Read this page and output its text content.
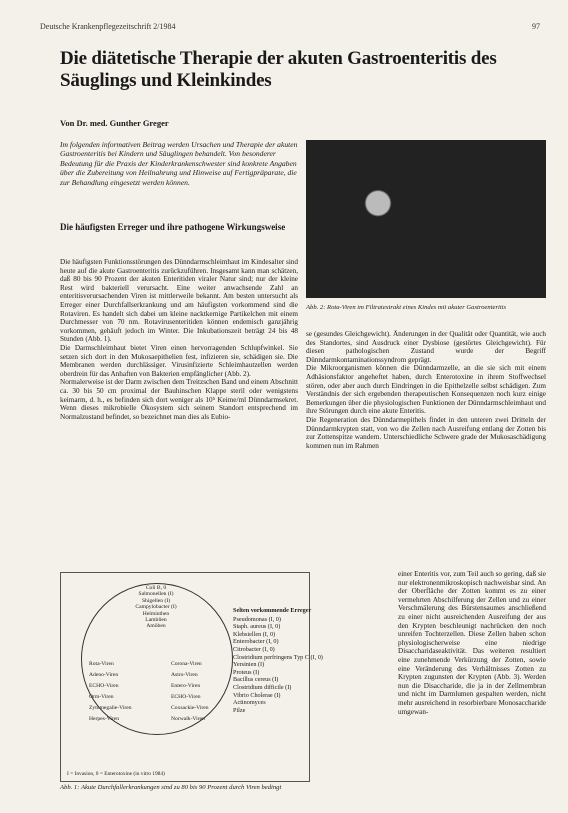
Deutsche Krankenpflegezeitschrift 2/1984	97
Die diätetische Therapie der akuten Gastroenteritis des Säuglings und Kleinkindes
Von Dr. med. Gunther Greger
Im folgenden informativen Beitrag werden Ursachen und Therapie der akuten Gastroenteritis bei Kindern und Säuglingen behandelt. Von besonderer Bedeutung für die Praxis der Kinderkrankenschwester sind konkrete Angaben über die Zubereitung von Heilnahrung und Hinweise auf Fertigpräparate, die zur Behandlung eingesetzt werden können.
Die häufigsten Erreger und ihre pathogene Wirkungsweise

Die häufigsten Funktionsstörungen des Dünndarmschleimhaut im Kindesalter sind heute auf die akute Gastroenteritis zurückzuführen. Insgesamt kann man schätzen, daß 80 bis 90 Prozent der akuten Enteritiden viraler Natur sind; nur der kleine Rest wird bakteriell verursacht. Eine weiter anwachsende Zahl an enteritisverursachenden Viren ist mittlerweile bekannt. Am besten untersucht als Erreger einer Durchfallserkrankung und am häufigsten vorkommend sind die Rotaviren. Es handelt sich dabei um kleine nacktkernige Partikelchen mit einem Durchmesser von 70 nm. Rotavirusenteritiden können endemisch ganzjährig vorkommen, gehäuft jedoch im Winter. Die Inkubationszeit beträgt 24 bis 48 Stunden (Abb. 1).

Die Darmschleimhaut bietet Viren einen hervorragenden Schlupfwinkel. Sie setzen sich dort in den Mukosaepithelien fest, infizieren sie, schädigen sie. Die Membranen werden durchlässiger. Virusinfizierte Schleimhautzellen werden oberdrein für das Anhaften von Bakterien empfänglicher (Abb. 2).

Normalerweise ist der Darm zwischen dem Treitzschen Band und einem Abschnitt ca. 30 bis 50 cm proximal der Bauhinschen Klappe steril oder wenigstens keimarm, d. h., es befinden sich dort weniger als 10⁵ Keime/ml Dünndarmsekret. Wenn dieses mikrobielle Ökosystem sich seinem Standort entsprechend im Normalzustand befindet, so bezeichnet man dies als Eubio-

Abb. 2: Rota-Viren im Filtratextrakt eines Kindes mit akuter Gastroenteritis

se (gesundes Gleichgewicht). Änderungen in der Qualität oder Quantität, wie auch des Standortes, sind Ausdruck einer Dysbiose (gestörtes Gleichgewicht). Für diesen pathologischen Zustand wurde der Begriff Dünndarmkontaminationssyndrom geprägt.

Die Mikroorganismen können die Dünndarmzelle, an die sie sich mit einem Adhäsionsfaktor angeheftet haben, durch Enterotoxine in ihrem Stoffwechsel stören, oder aber auch durch Eindringen in die Epithelzelle selbst schädigen. Zum Verständnis der sich ergebenden therapeutischen Konsequenzen noch kurz einige Bemerkungen über die physiologischen Funktionen der Dünndarmschleimhaut und ihre Störungen durch eine akute Enteritis.

Die Regeneration des Dünndarmepithels findet in den unteren zwei Dritteln der Dünndarmkrypten statt, von wo die Zellen nach Ausreifung entlang der Zotten bis zur Zottenspitze wandern. Unterschiedliche Schwere grade der Mukosaschädigung kommen nun im Rahmen

einer Enteritis vor, zum Teil auch so gering, daß sie nur elektronenmikroskopisch nachweisbar sind. An der Oberfläche der Zotten kommt es zu einer vermehrten Abschilferung der Zellen und zu einer Verschmälerung des Bürstensaumes anschließend zu einer nicht ausreichenden Ausreifung der aus den Krypten beschleunigt nachrücken den noch unreifen Tochterzellen. Diese Zellen haben schon physiologischerweise eine niedrige Disaccharidaseaktivität. Das weiteren resultiert eine zunehmende Verkürzung der Zotten, sowie eine Veränderung des Verhältnisses Zotten zu Krypten zugunsten der Krypten (Abb. 3). Werden nun die Disaccharide, die ja in der Zellmembran und nicht im Darmlumen gespalten werden, nicht mehr ausreichend in resorbierbare Monosaccharide umgewan-
Coli B, 0
Salmonellen (I)
Shigellen (I)
Campylobacter (I)
Helminthen
Lamblien
Amöben
Rota-Viren
Adeno-Viren
ECHO-Viren
Orm-Viren
Zytomegalie-Viren
Herpes-Viren
Corona-Viren
Astro-Viren
Entero-Viren
ECHO-Viren
Coxsackie-Viren
Norwalk-Viren
Selten vorkommende Erreger
Pseudomonas (I, 0)
Staph. aureus (I, 0)
Klebsiellen (I, 0)
Enterobacter (I, 0)
Citrobacter (I, 0)
Clostridium perfringens Typ C (I, 0)
Yersinien (I)
Proteus (I)
Bacillus cereus (I)
Clostridium difficile (I)
Vibrio Cholerae (I)
Actinomyces
Pilze
I = Invasion, 0 = Enterotoxine (in vitro 1984)
Abb. 1: Akute Durchfallerkrankungen sind zu 80 bis 90 Prozent durch Viren bedingt
